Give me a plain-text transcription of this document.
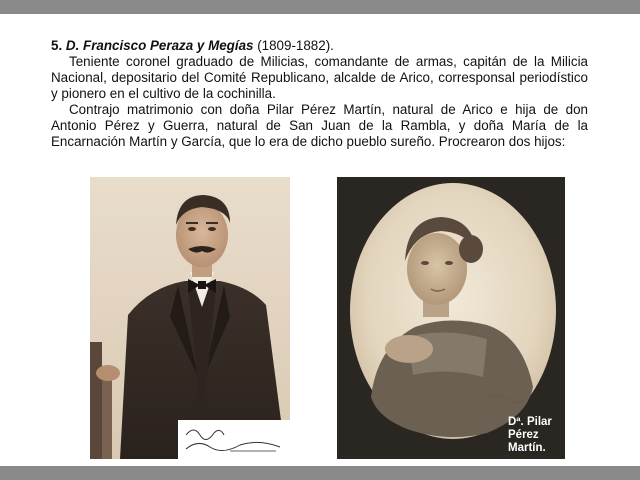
5. D. Francisco Peraza y Megías (1809-1882).

Teniente coronel graduado de Milicias, comandante de armas, capitán de la Milicia Nacional, depositario del Comité Republicano, alcalde de Arico, corresponsal periodístico y pionero en el cultivo de la cochinilla.

Contrajo matrimonio con doña Pilar Pérez Martín, natural de Arico e hija de don Antonio Pérez y Guerra, natural de San Juan de la Rambla, y doña María de la Encarnación Martín y García, que lo era de dicho pueblo sureño. Procrearon dos hijos:

Dª. Pilar
Pérez
Martín.
